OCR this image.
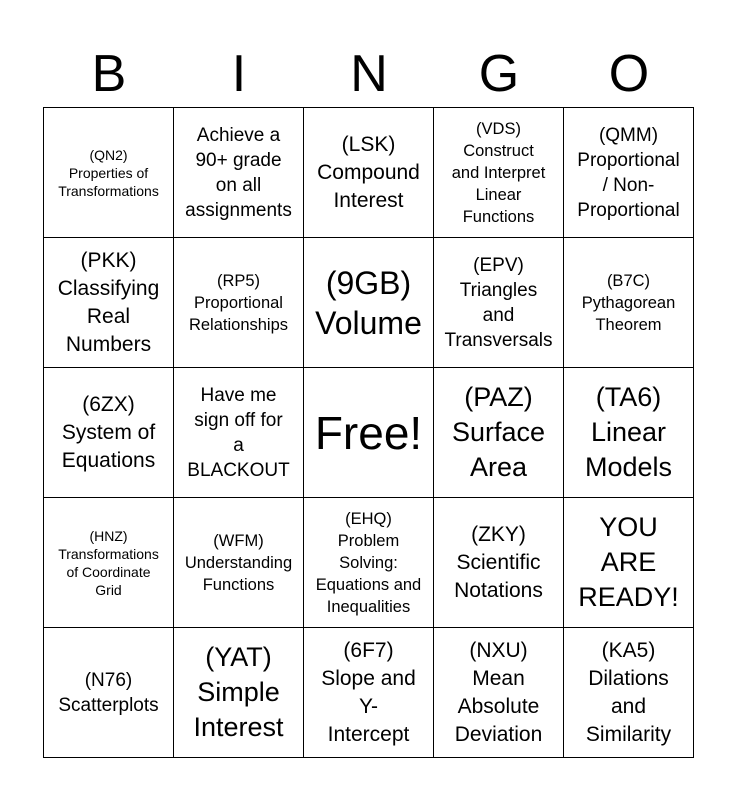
B	I	N	G	O
(QN2)
Properties of
Transformations
Achieve a
90+ grade
on all
assignments
(LSK)
Compound
Interest
(VDS)
Construct
and Interpret
Linear
Functions
(QMM)
Proportional
/ Non-
Proportional
(PKK)
Classifying
Real
Numbers
(RP5)
Proportional
Relationships
(9GB)
Volume
(EPV)
Triangles
and
Transversals
(B7C)
Pythagorean
Theorem
(6ZX)
System of
Equations
Have me
sign off for
a
BLACKOUT
Free!
(PAZ)
Surface
Area
(TA6)
Linear
Models
(HNZ)
Transformations
of Coordinate
Grid
(WFM)
Understanding
Functions
(EHQ)
Problem
Solving:
Equations and
Inequalities
(ZKY)
Scientific
Notations
YOU
ARE
READY!
(N76)
Scatterplots
(YAT)
Simple
Interest
(6F7)
Slope and
Y-
Intercept
(NXU)
Mean
Absolute
Deviation
(KA5)
Dilations
and
Similarity
